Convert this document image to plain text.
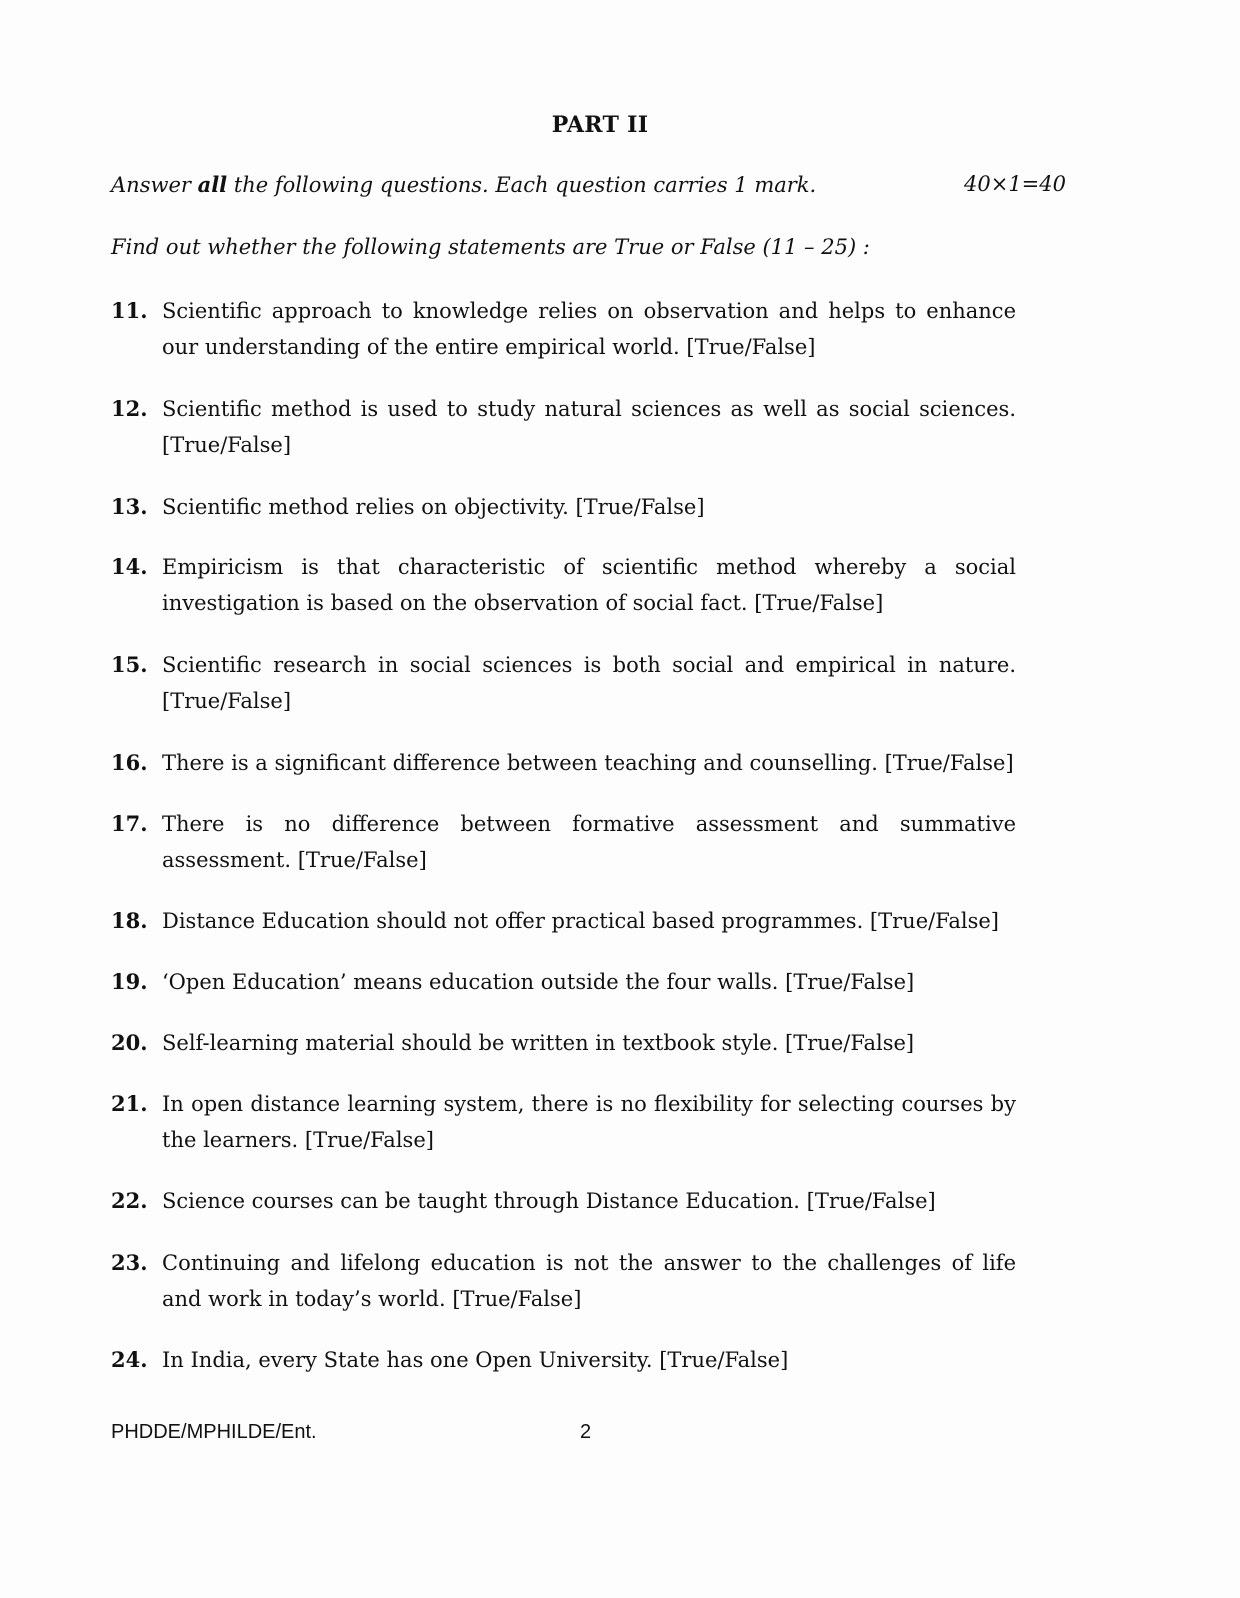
PART II
Answer all the following questions. Each question carries 1 mark.	40×1=40
Find out whether the following statements are True or False (11 – 25) :
11. Scientific approach to knowledge relies on observation and helps to enhance our understanding of the entire empirical world. [True/False]
12. Scientific method is used to study natural sciences as well as social sciences. [True/False]
13. Scientific method relies on objectivity. [True/False]
14. Empiricism is that characteristic of scientific method whereby a social investigation is based on the observation of social fact. [True/False]
15. Scientific research in social sciences is both social and empirical in nature. [True/False]
16. There is a significant difference between teaching and counselling. [True/False]
17. There is no difference between formative assessment and summative assessment. [True/False]
18. Distance Education should not offer practical based programmes. [True/False]
19. ‘Open Education’ means education outside the four walls. [True/False]
20. Self-learning material should be written in textbook style. [True/False]
21. In open distance learning system, there is no flexibility for selecting courses by the learners. [True/False]
22. Science courses can be taught through Distance Education. [True/False]
23. Continuing and lifelong education is not the answer to the challenges of life and work in today’s world. [True/False]
24. In India, every State has one Open University. [True/False]
PHDDE/MPHILDE/Ent.	2
